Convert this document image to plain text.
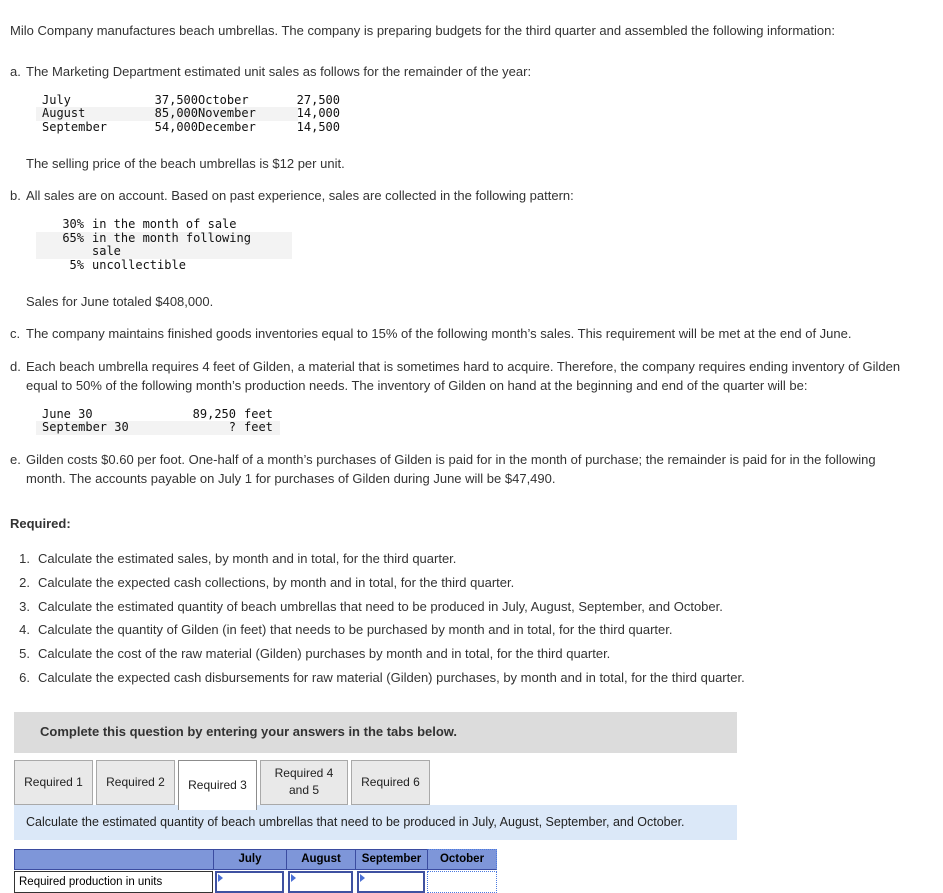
Milo Company manufactures beach umbrellas. The company is preparing budgets for the third quarter and assembled the following information:

a. The Marketing Department estimated unit sales as follows for the remainder of the year:
July	37,500 October	27,500
August	85,000 November	14,000
September	54,000 December	14,500
The selling price of the beach umbrellas is $12 per unit.
b. All sales are on account. Based on past experience, sales are collected in the following pattern:
30% in the month of sale
65% in the month following sale
5% uncollectible
Sales for June totaled $408,000.
c. The company maintains finished goods inventories equal to 15% of the following month’s sales. This requirement will be met at the end of June.
d. Each beach umbrella requires 4 feet of Gilden, a material that is sometimes hard to acquire. Therefore, the company requires ending inventory of Gilden equal to 50% of the following month’s production needs. The inventory of Gilden on hand at the beginning and end of the quarter will be:
June 30	89,250 feet
September 30	? feet
e. Gilden costs $0.60 per foot. One-half of a month’s purchases of Gilden is paid for in the month of purchase; the remainder is paid for in the following month. The accounts payable on July 1 for purchases of Gilden during June will be $47,490.
Required:
1. Calculate the estimated sales, by month and in total, for the third quarter.
2. Calculate the expected cash collections, by month and in total, for the third quarter.
3. Calculate the estimated quantity of beach umbrellas that need to be produced in July, August, September, and October.
4. Calculate the quantity of Gilden (in feet) that needs to be purchased by month and in total, for the third quarter.
5. Calculate the cost of the raw material (Gilden) purchases by month and in total, for the third quarter.
6. Calculate the expected cash disbursements for raw material (Gilden) purchases, by month and in total, for the third quarter.
Complete this question by entering your answers in the tabs below.
Required 1	Required 2	Required 3
Required 4 and 5
Required 6
Calculate the estimated quantity of beach umbrellas that need to be produced in July, August, September, and October.
July	August	September	October
Required production in units
